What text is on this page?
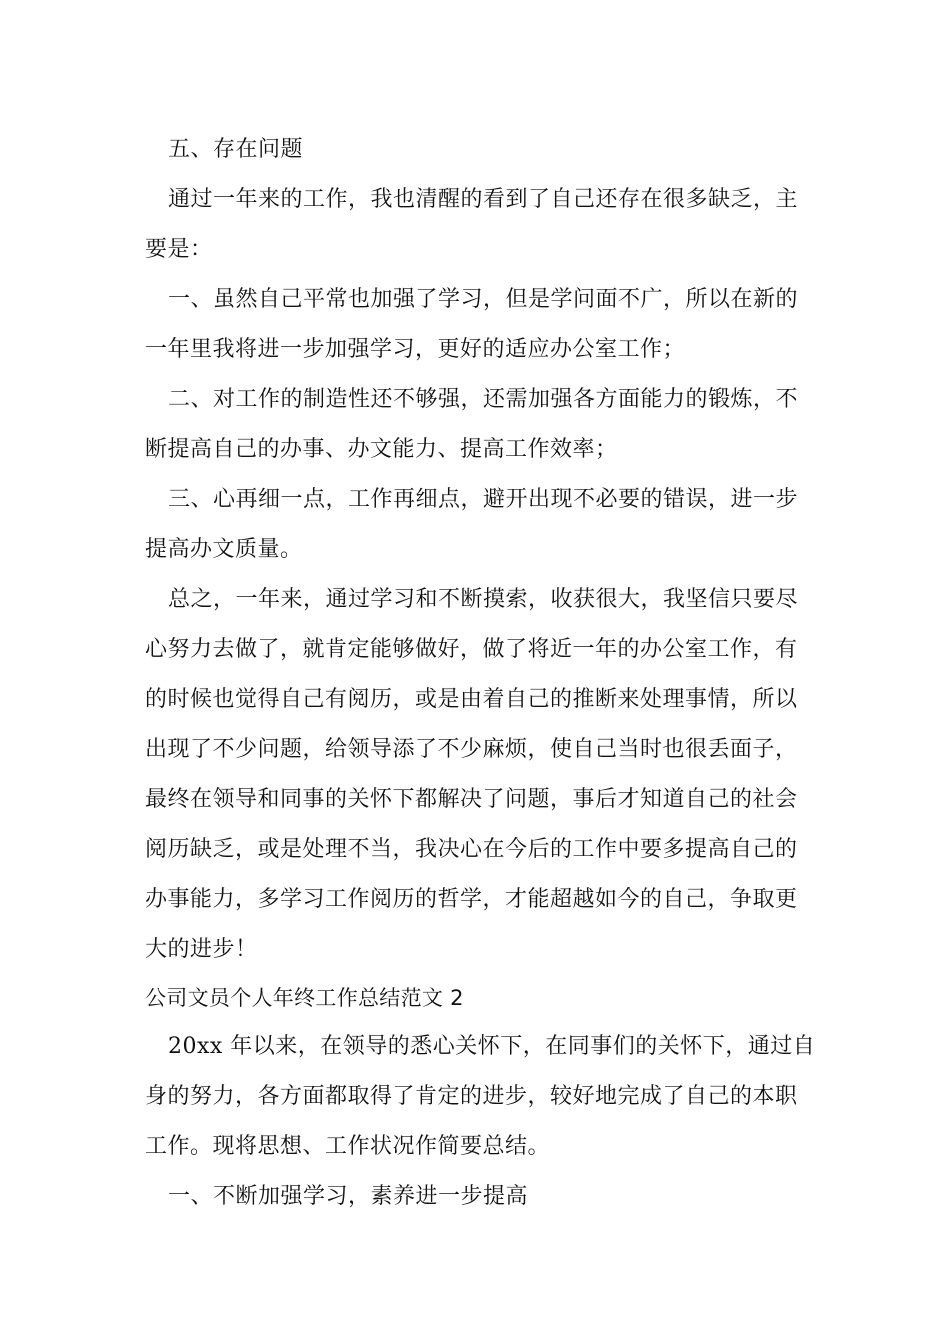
五、存在问题
通过一年来的工作，我也清醒的看到了自己还存在很多缺乏，主
要是：
一、虽然自己平常也加强了学习，但是学问面不广，所以在新的
一年里我将进一步加强学习，更好的适应办公室工作；
二、对工作的制造性还不够强，还需加强各方面能力的锻炼，不
断提高自己的办事、办文能力、提高工作效率；
三、心再细一点，工作再细点，避开出现不必要的错误，进一步
提高办文质量。
总之，一年来，通过学习和不断摸索，收获很大，我坚信只要尽
心努力去做了，就肯定能够做好，做了将近一年的办公室工作，有
的时候也觉得自己有阅历，或是由着自己的推断来处理事情，所以
出现了不少问题，给领导添了不少麻烦，使自己当时也很丢面子，
最终在领导和同事的关怀下都解决了问题，事后才知道自己的社会
阅历缺乏，或是处理不当，我决心在今后的工作中要多提高自己的
办事能力，多学习工作阅历的哲学，才能超越如今的自己，争取更
大的进步！
公司文员个人年终工作总结范文 2
20xx 年以来，在领导的悉心关怀下，在同事们的关怀下，通过自
身的努力，各方面都取得了肯定的进步，较好地完成了自己的本职
工作。现将思想、工作状况作简要总结。
一、不断加强学习，素养进一步提高
